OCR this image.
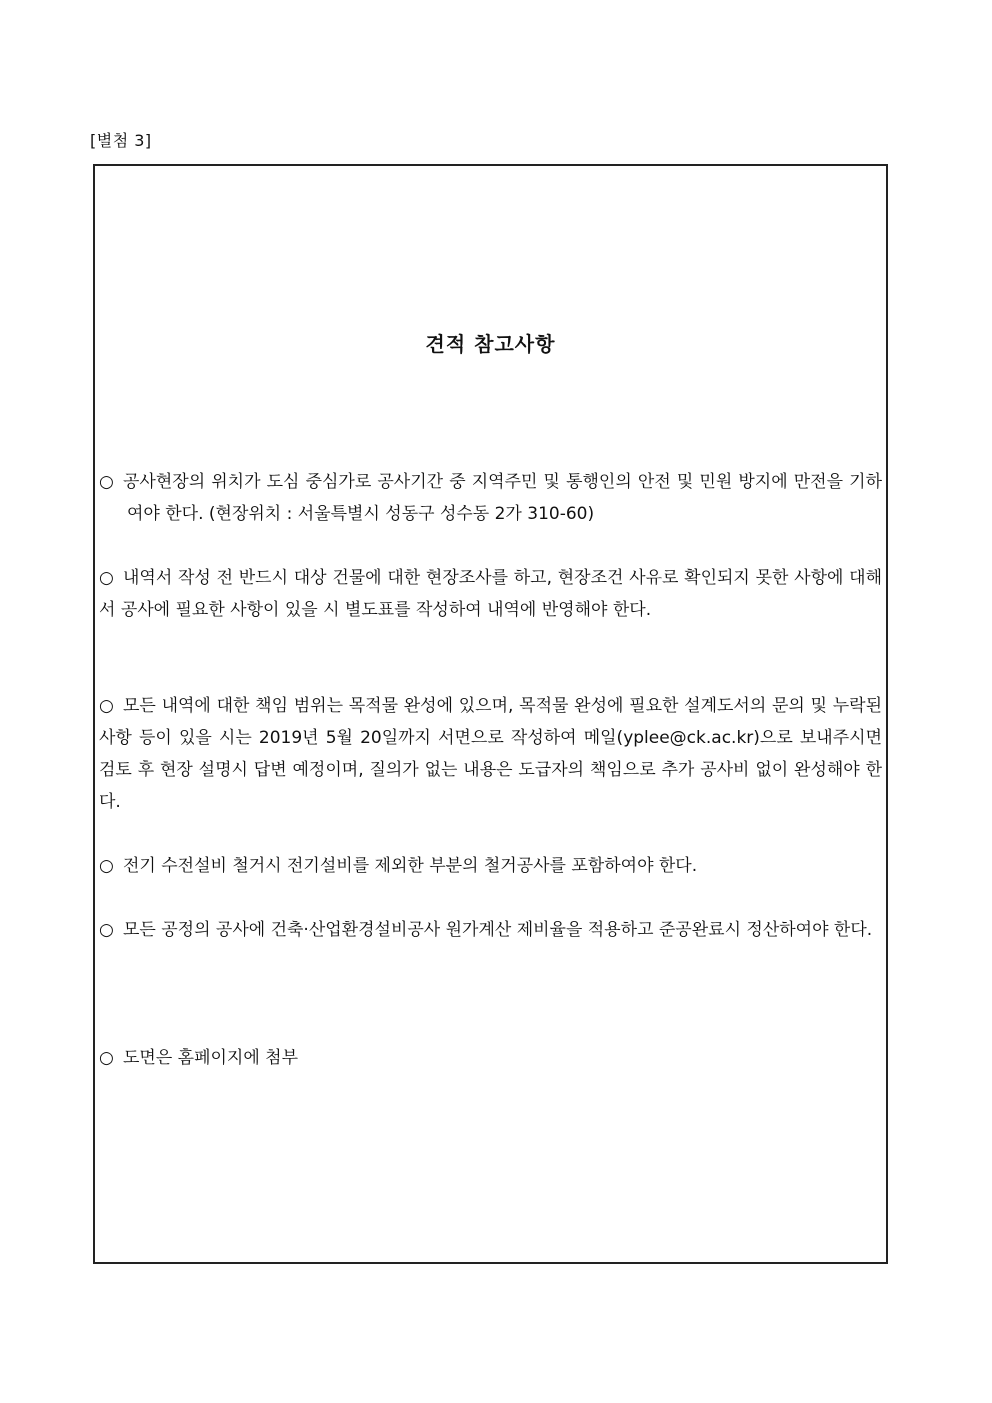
[별첨 3]
견적 참고사항
○ 공사현장의 위치가 도심 중심가로 공사기간 중 지역주민 및 통행인의 안전 및 민원 방지에 만전을 기하여야 한다. (현장위치 : 서울특별시 성동구 성수동 2가 310-60)
○ 내역서 작성 전 반드시 대상 건물에 대한 현장조사를 하고, 현장조건 사유로 확인되지 못한 사항에 대해서 공사에 필요한 사항이 있을 시 별도표를 작성하여 내역에 반영해야 한다.
○ 모든 내역에 대한 책임 범위는 목적물 완성에 있으며, 목적물 완성에 필요한 설계도서의 문의 및 누락된 사항 등이 있을 시는 2019년 5월 20일까지 서면으로 작성하여 메일(yplee@ck.ac.kr)으로 보내주시면 검토 후 현장 설명시 답변 예정이며, 질의가 없는 내용은 도급자의 책임으로 추가 공사비 없이 완성해야 한다.
○ 전기 수전설비 철거시 전기설비를 제외한 부분의 철거공사를 포함하여야 한다.
○ 모든 공정의 공사에 건축·산업환경설비공사 원가계산 제비율을 적용하고 준공완료시 정산하여야 한다.
○ 도면은 홈페이지에 첨부
